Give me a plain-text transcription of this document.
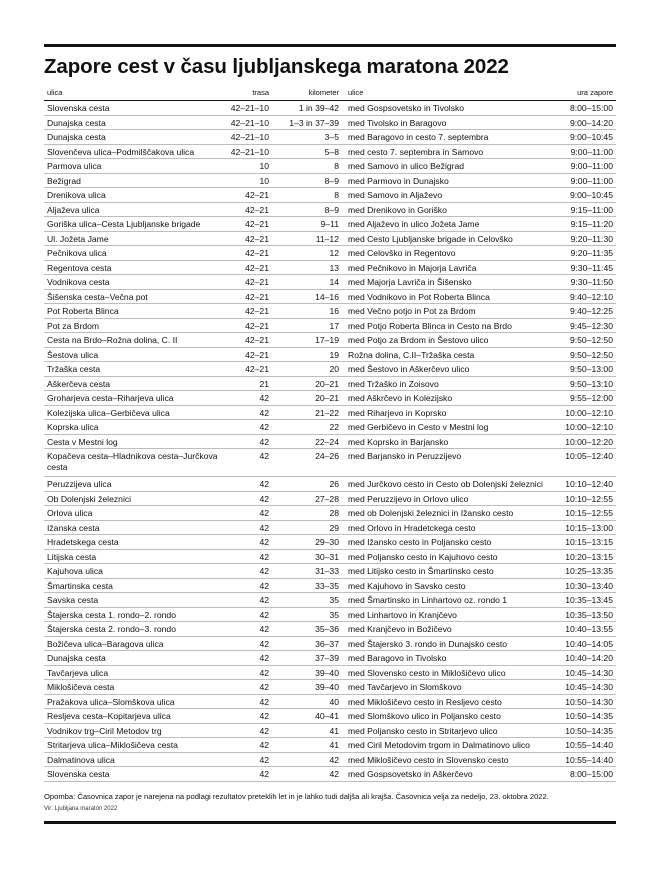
Zapore cest v času ljubljanskega maratona 2022
ulica	trasa	kilometer	ulice	ura zapore
Slovenska cesta	42–21–10	1 in 39–42	med Gospsovetsko in Tivolsko	8:00–15:00
Dunajska cesta	42–21–10	1–3 in 37–39	med Tivolsko in Baragovo	9:00–14:20
Dunajska cesta	42–21–10	3–5	med Baragovo in cesto 7. septembra	9:00–10:45
Slovenčeva ulica–Podmilščakova ulica	42–21–10	5–8	med cesto 7. septembra in Samovo	9:00–11:00
Parmova ulica	10	8	med Samovo in ulico Bežigrad	9:00–11:00
Bežigrad	10	8–9	med Parmovo in Dunajsko	9:00–11:00
Drenikova ulica	42–21	8	med Samovo in Aljaževo	9:00–10:45
Aljaževa ulica	42–21	8–9	med Drenikovo in Goriško	9:15–11:00
Goriška ulica–Cesta Ljubljanske brigade	42–21	9–11	med Aljaževo in ulico Jožeta Jame	9:15–11:20
Ul. Jožeta Jame	42–21	11–12	med Cesto Ljubljanske brigade in Celovško	9:20–11:30
Pečnikova ulica	42–21	12	med Celovško in Regentovo	9:20–11:35
Regentova cesta	42–21	13	med Pečnikovo in Majorja Lavriča	9:30–11:45
Vodnikova cesta	42–21	14	med Majorja Lavriča in Šišensko	9:30–11:50
Šišenska cesta–Večna pot	42–21	14–16	med Vodnikovo in Pot Roberta Blinca	9:40–12:10
Pot Roberta Blinca	42–21	16	med Večno potjo in Pot za Brdom	9:40–12:25
Pot za Brdom	42–21	17	med Potjo Roberta Blinca in Cesto na Brdo	9:45–12:30
Cesta na Brdo–Rožna dolina, C. II	42–21	17–19	med Potjo za Brdom in Šestovo ulico	9:50–12:50
Šestova ulica	42–21	19	Rožna dolina, C.II–Tržaška cesta	9:50–12:50
Tržaška cesta	42–21	20	med Šestovo in Aškerčevo ulico	9:50–13:00
Aškerčeva cesta	21	20–21	med Tržaško in Zoisovo	9:50–13:10
Groharjeva cesta–Riharjeva ulica	42	20–21	med Aškrčevo in Kolezijsko	9:55–12:00
Kolezijska ulica–Gerbičeva ulica	42	21–22	med Riharjevo in Koprsko	10:00–12:10
Koprska ulica	42	22	med Gerbičevo in Cesto v Mestni log	10:00–12:10
Cesta v Mestni log	42	22–24	med Koprsko in Barjansko	10:00–12:20
Kopačeva cesta–Hladnikova cesta–Jurčkova cesta	42	24–26	med Barjansko in Peruzzijevo	10:05–12:40
Peruzzijeva ulica	42	26	med Jurčkovo cesto in Cesto ob Dolenjski železnici	10:10–12:40
Ob Dolenjski železnici	42	27–28	med Peruzzijevo in Orlovo ulico	10:10–12:55
Orlova ulica	42	28	med ob Dolenjski železnici in Ižansko cesto	10:15–12:55
Ižanska cesta	42	29	med Orlovo in Hradetckega cesto	10:15–13:00
Hradetskega cesta	42	29–30	med Ižansko cesto in Poljansko cesto	10:15–13:15
Litijska cesta	42	30–31	med Poljansko cesto in Kajuhovo cesto	10:20–13:15
Kajuhova ulica	42	31–33	med Litijsko cesto in Šmartinsko cesto	10:25–13:35
Šmartinska cesta	42	33–35	med Kajuhovo in Savsko cesto	10:30–13:40
Savska cesta	42	35	med Šmartinsko in Linhartovo oz. rondo 1	10:35–13:45
Štajerska cesta 1. rondo–2. rondo	42	35	med Linhartovo in Kranjčevo	10:35–13:50
Štajerska cesta 2. rondo–3. rondo	42	35–36	med Kranjčevo in Božičevo	10:40–13:55
Božičeva ulica–Baragova ulica	42	36–37	med Štajersko 3. rondo in Dunajsko cesto	10:40–14:05
Dunajska cesta	42	37–39	med Baragovo in Tivolsko	10:40–14:20
Tavčarjeva ulica	42	39–40	med Slovensko cesto in Miklošičevo ulico	10:45–14:30
Miklošičeva cesta	42	39–40	med Tavčarjevo in Slomškovo	10:45–14:30
Pražakova ulica–Slomškova ulica	42	40	med Miklošičevo cesto in Resljevo cesto	10:50–14:30
Resljeva cesta–Kopitarjeva ulica	42	40–41	med Slomškovo ulico in Poljansko cesto	10:50–14:35
Vodnikov trg–Ciril Metodov trg	42	41	med Poljansko cesto in Stritarjevo ulico	10:50–14:35
Stritarjeva ulica–Miklošičeva cesta	42	41	med Ciril Metodovim trgom in Dalmatinovo ulico	10:55–14:40
Dalmatinova ulica	42	42	med Miklošičevo cesto in Slovensko cesto	10:55–14:40
Slovenska cesta	42	42	med Gospsovetsko in Aškerčevo	8:00–15:00
Opomba: Časovnica zapor je narejena na podlagi rezultatov preteklih let in je lahko tudi daljša ali krajša. Časovnica velja za nedeljo, 23. oktobra 2022.
Vir: Ljubljana maraton 2022
